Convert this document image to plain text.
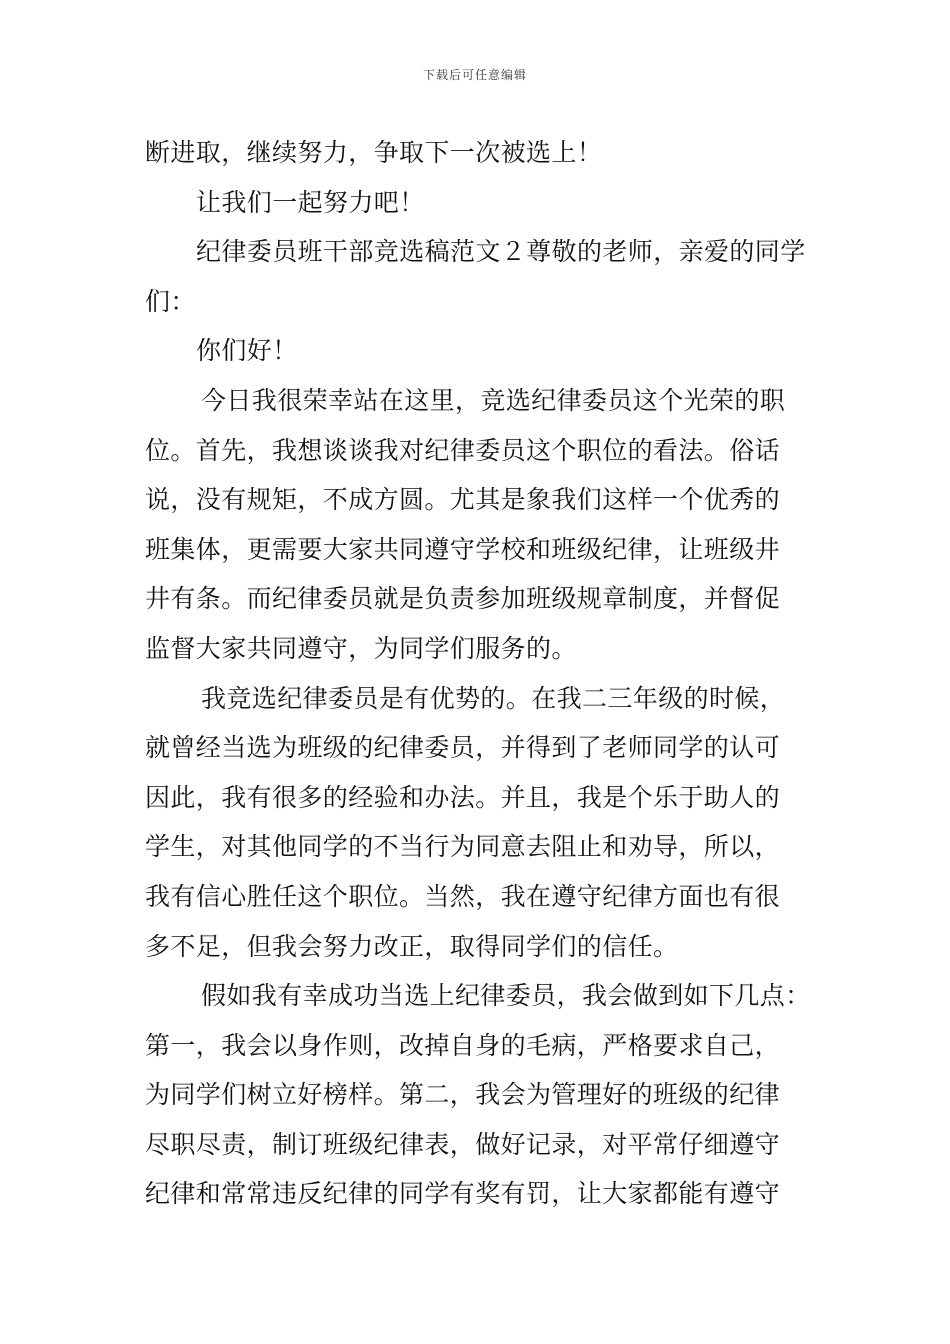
下载后可任意编辑
断进取，继续努力，争取下一次被选上！
让我们一起努力吧！
纪律委员班干部竞选稿范文２尊敬的老师，亲爱的同学
们：
你们好！
今日我很荣幸站在这里，竞选纪律委员这个光荣的职
位。首先，我想谈谈我对纪律委员这个职位的看法。俗话
说，没有规矩，不成方圆。尤其是象我们这样一个优秀的
班集体，更需要大家共同遵守学校和班级纪律，让班级井
井有条。而纪律委员就是负责参加班级规章制度，并督促
监督大家共同遵守，为同学们服务的。
我竞选纪律委员是有优势的。在我二三年级的时候，
就曾经当选为班级的纪律委员，并得到了老师同学的认可
因此，我有很多的经验和办法。并且，我是个乐于助人的
学生，对其他同学的不当行为同意去阻止和劝导，所以，
我有信心胜任这个职位。当然，我在遵守纪律方面也有很
多不足，但我会努力改正，取得同学们的信任。
假如我有幸成功当选上纪律委员，我会做到如下几点：
第一，我会以身作则，改掉自身的毛病，严格要求自己，
为同学们树立好榜样。第二，我会为管理好的班级的纪律
尽职尽责，制订班级纪律表，做好记录，对平常仔细遵守
纪律和常常违反纪律的同学有奖有罚，让大家都能有遵守
